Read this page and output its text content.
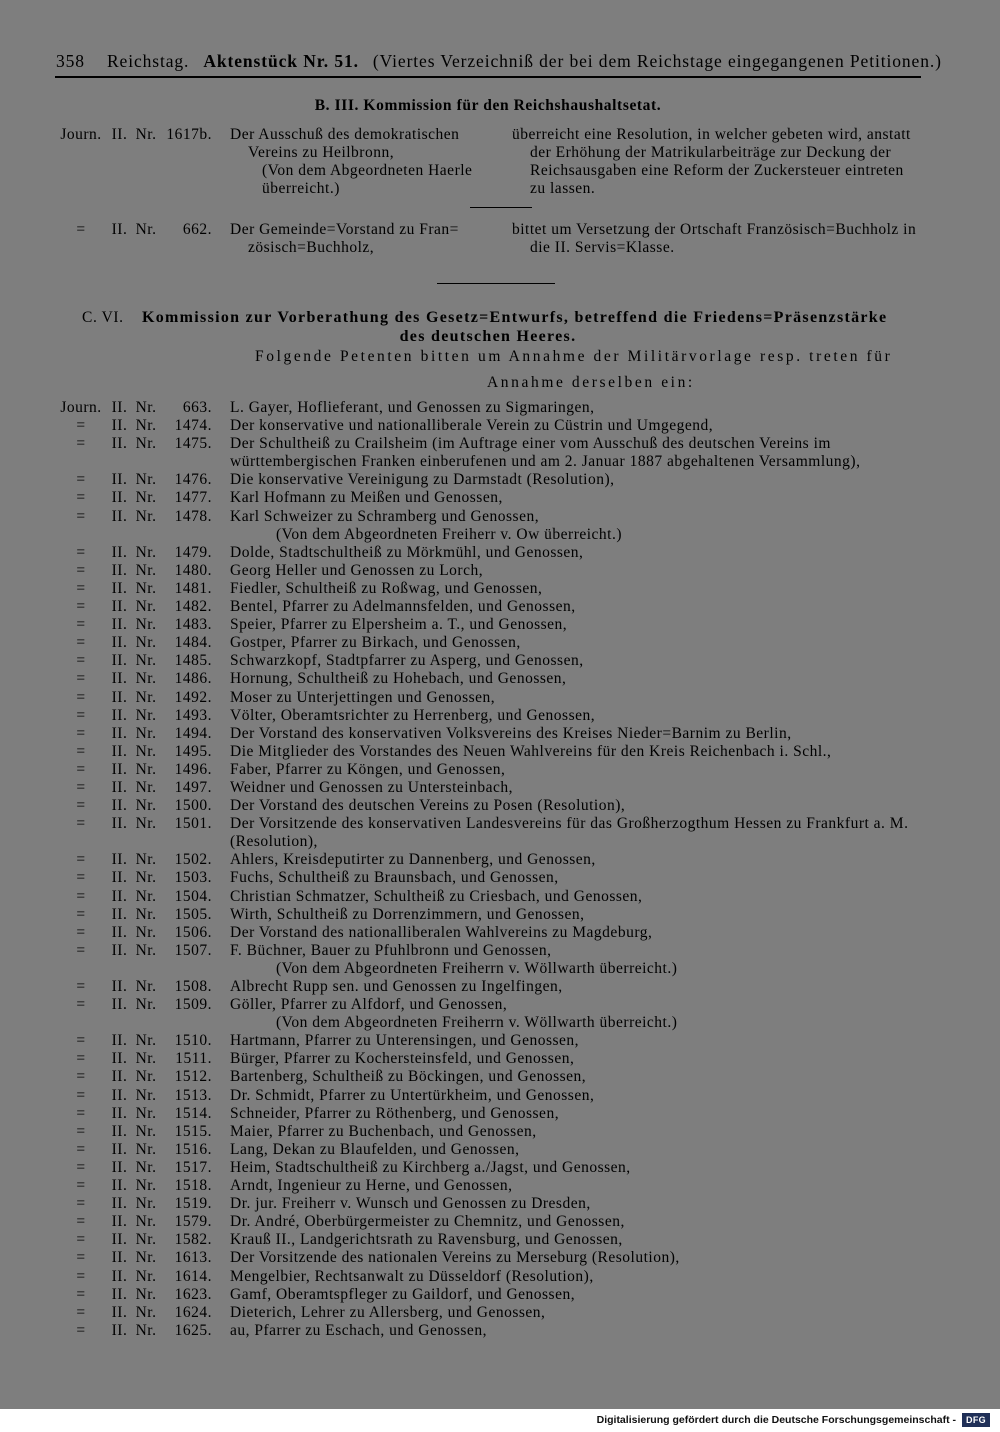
358 Reichstag. Aktenstück Nr. 51. (Viertes Verzeichniß der bei dem Reichstage eingegangenen Petitionen.)
B. III. Kommission für den Reichshaushaltsetat.
Journ. II. Nr. 1617b. Der Ausschuß des demokratischen
Vereins zu Heilbronn,
(Von dem Abgeordneten Haerle
überreicht.)
überreicht eine Resolution, in welcher gebeten wird, anstatt
der Erhöhung der Matrikularbeiträge zur Deckung der
Reichsausgaben eine Reform der Zuckersteuer eintreten
zu lassen.
=	II. Nr.	662. Der Gemeinde=Vorstand zu Fran=
zösisch=Buchholz,
bittet um Versetzung der Ortschaft Französisch=Buchholz in
die II. Servis=Klasse.
C. VI. Kommission zur Vorberathung des Gesetz=Entwurfs, betreffend die Friedens=Präsenzstärke
des deutschen Heeres.
Folgende Petenten bitten um Annahme der Militärvorlage resp. treten für
Annahme derselben ein:
Journ. II. Nr.	663. L. Gayer, Hoflieferant, und Genossen zu Sigmaringen,
=	II. Nr.	1474. Der konservative und nationalliberale Verein zu Cüstrin und Umgegend,
=	II. Nr.	1475. Der Schultheiß zu Crailsheim (im Auftrage einer vom Ausschuß des deutschen Vereins im
württembergischen Franken einberufenen und am 2. Januar 1887 abgehaltenen Versammlung),
=	II. Nr.	1476. Die konservative Vereinigung zu Darmstadt (Resolution),
=	II. Nr.	1477. Karl Hofmann zu Meißen und Genossen,
=	II. Nr.	1478. Karl Schweizer zu Schramberg und Genossen,
(Von dem Abgeordneten Freiherr v. Ow überreicht.)
=	II. Nr.	1479. Dolde, Stadtschultheiß zu Mörkmühl, und Genossen,
=	II. Nr.	1480. Georg Heller und Genossen zu Lorch,
=	II. Nr.	1481. Fiedler, Schultheiß zu Roßwag, und Genossen,
=	II. Nr.	1482. Bentel, Pfarrer zu Adelmannsfelden, und Genossen,
=	II. Nr.	1483. Speier, Pfarrer zu Elpersheim a. T., und Genossen,
=	II. Nr.	1484. Gostper, Pfarrer zu Birkach, und Genossen,
=	II. Nr.	1485. Schwarzkopf, Stadtpfarrer zu Asperg, und Genossen,
=	II. Nr.	1486. Hornung, Schultheiß zu Hohebach, und Genossen,
=	II. Nr.	1492. Moser zu Unterjettingen und Genossen,
=	II. Nr.	1493. Völter, Oberamtsrichter zu Herrenberg, und Genossen,
=	II. Nr.	1494. Der Vorstand des konservativen Volksvereins des Kreises Nieder=Barnim zu Berlin,
=	II. Nr.	1495. Die Mitglieder des Vorstandes des Neuen Wahlvereins für den Kreis Reichenbach i. Schl.,
=	II. Nr.	1496. Faber, Pfarrer zu Köngen, und Genossen,
=	II. Nr.	1497. Weidner und Genossen zu Untersteinbach,
=	II. Nr.	1500. Der Vorstand des deutschen Vereins zu Posen (Resolution),
=	II. Nr.	1501. Der Vorsitzende des konservativen Landesvereins für das Großherzogthum Hessen zu Frankfurt a. M.
(Resolution),
=	II. Nr.	1502. Ahlers, Kreisdeputirter zu Dannenberg, und Genossen,
=	II. Nr.	1503. Fuchs, Schultheiß zu Braunsbach, und Genossen,
=	II. Nr.	1504. Christian Schmatzer, Schultheiß zu Criesbach, und Genossen,
=	II. Nr.	1505. Wirth, Schultheiß zu Dorrenzimmern, und Genossen,
=	II. Nr.	1506. Der Vorstand des nationalliberalen Wahlvereins zu Magdeburg,
=	II. Nr.	1507. F. Büchner, Bauer zu Pfuhlbronn und Genossen,
(Von dem Abgeordneten Freiherrn v. Wöllwarth überreicht.)
=	II. Nr.	1508. Albrecht Rupp sen. und Genossen zu Ingelfingen,
=	II. Nr.	1509. Göller, Pfarrer zu Alfdorf, und Genossen,
(Von dem Abgeordneten Freiherrn v. Wöllwarth überreicht.)
=	II. Nr.	1510. Hartmann, Pfarrer zu Unterensingen, und Genossen,
=	II. Nr.	1511. Bürger, Pfarrer zu Kochersteinsfeld, und Genossen,
=	II. Nr.	1512. Bartenberg, Schultheiß zu Böckingen, und Genossen,
=	II. Nr.	1513. Dr. Schmidt, Pfarrer zu Untertürkheim, und Genossen,
=	II. Nr.	1514. Schneider, Pfarrer zu Röthenberg, und Genossen,
=	II. Nr.	1515. Maier, Pfarrer zu Buchenbach, und Genossen,
=	II. Nr.	1516. Lang, Dekan zu Blaufelden, und Genossen,
=	II. Nr.	1517. Heim, Stadtschultheiß zu Kirchberg a./Jagst, und Genossen,
=	II. Nr.	1518. Arndt, Ingenieur zu Herne, und Genossen,
=	II. Nr.	1519. Dr. jur. Freiherr v. Wunsch und Genossen zu Dresden,
=	II. Nr.	1579. Dr. André, Oberbürgermeister zu Chemnitz, und Genossen,
=	II. Nr.	1582. Krauß II., Landgerichtsrath zu Ravensburg, und Genossen,
=	II. Nr.	1613. Der Vorsitzende des nationalen Vereins zu Merseburg (Resolution),
=	II. Nr.	1614. Mengelbier, Rechtsanwalt zu Düsseldorf (Resolution),
=	II. Nr.	1623. Gamf, Oberamtspfleger zu Gaildorf, und Genossen,
=	II. Nr.	1624. Dieterich, Lehrer zu Allersberg, und Genossen,
=	II. Nr.	1625. au, Pfarrer zu Eschach, und Genossen,
Digitalisierung gefördert durch die Deutsche Forschungsgemeinschaft -	DFG
